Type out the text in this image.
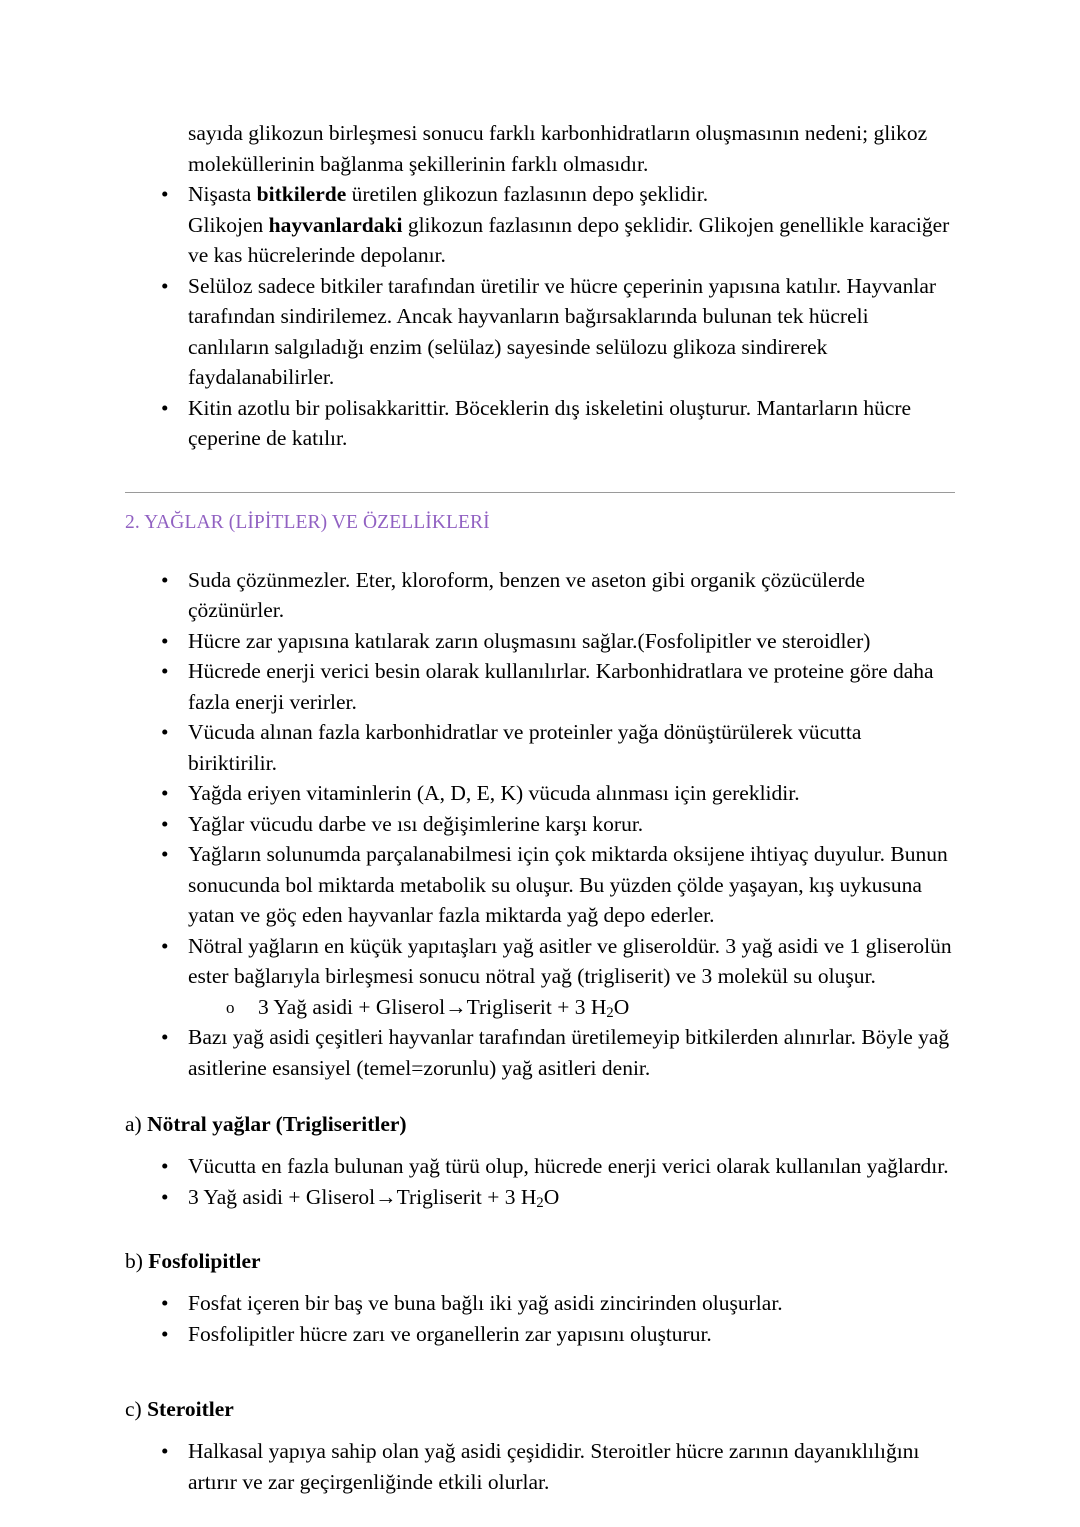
sayıda glikozun birleşmesi sonucu farklı karbonhidratların oluşmasının nedeni; glikoz moleküllerinin bağlanma şekillerinin farklı olmasıdır.

• Nişasta bitkilerde üretilen glikozun fazlasının depo şeklidir.
Glikojen hayvanlardaki glikozun fazlasının depo şeklidir. Glikojen genellikle karaciğer ve kas hücrelerinde depolanır.
• Selüloz sadece bitkiler tarafından üretilir ve hücre çeperinin yapısına katılır. Hayvanlar tarafından sindirilemez. Ancak hayvanların bağırsaklarında bulunan tek hücreli canlıların salgıladığı enzim (selülaz) sayesinde selülozu glikoza sindirerek faydalanabilirler.
• Kitin azotlu bir polisakkarittir. Böceklerin dış iskeletini oluşturur. Mantarların hücre çeperine de katılır.
2. YAĞLAR (LİPİTLER) VE ÖZELLİKLERİ
• Suda çözünmezler. Eter, kloroform, benzen ve aseton gibi organik çözücülerde çözünürler.
• Hücre zar yapısına katılarak zarın oluşmasını sağlar.(Fosfolipitler ve steroidler)
• Hücrede enerji verici besin olarak kullanılırlar. Karbonhidratlara ve proteine göre daha fazla enerji verirler.
• Vücuda alınan fazla karbonhidratlar ve proteinler yağa dönüştürülerek vücutta biriktirilir.
• Yağda eriyen vitaminlerin (A, D, E, K) vücuda alınması için gereklidir.
• Yağlar vücudu darbe ve ısı değişimlerine karşı korur.
• Yağların solunumda parçalanabilmesi için çok miktarda oksijene ihtiyaç duyulur. Bunun sonucunda bol miktarda metabolik su oluşur. Bu yüzden çölde yaşayan, kış uykusuna yatan ve göç eden hayvanlar fazla miktarda yağ depo ederler.
• Nötral yağların en küçük yapıtaşları yağ asitler ve gliseroldür. 3 yağ asidi ve 1 gliserolün ester bağlarıyla birleşmesi sonucu nötral yağ (trigliserit) ve 3 molekül su oluşur.
o 3 Yağ asidi + Gliserol→Trigliserit + 3 $H_2O$
• Bazı yağ asidi çeşitleri hayvanlar tarafından üretilemeyip bitkilerden alınırlar. Böyle yağ asitlerine esansiyel (temel=zorunlu) yağ asitleri denir.

a) Nötral yağlar (Trigliseritler)

• Vücutta en fazla bulunan yağ türü olup, hücrede enerji verici olarak kullanılan yağlardır.
• 3 Yağ asidi + Gliserol→Trigliserit + 3 $H_2O$

b) Fosfolipitler

• Fosfat içeren bir baş ve buna bağlı iki yağ asidi zincirinden oluşurlar.
• Fosfolipitler hücre zarı ve organellerin zar yapısını oluşturur.

c) Steroitler

• Halkasal yapıya sahip olan yağ asidi çeşididir. Steroitler hücre zarının dayanıklılığını artırır ve zar geçirgenliğinde etkili olurlar.
